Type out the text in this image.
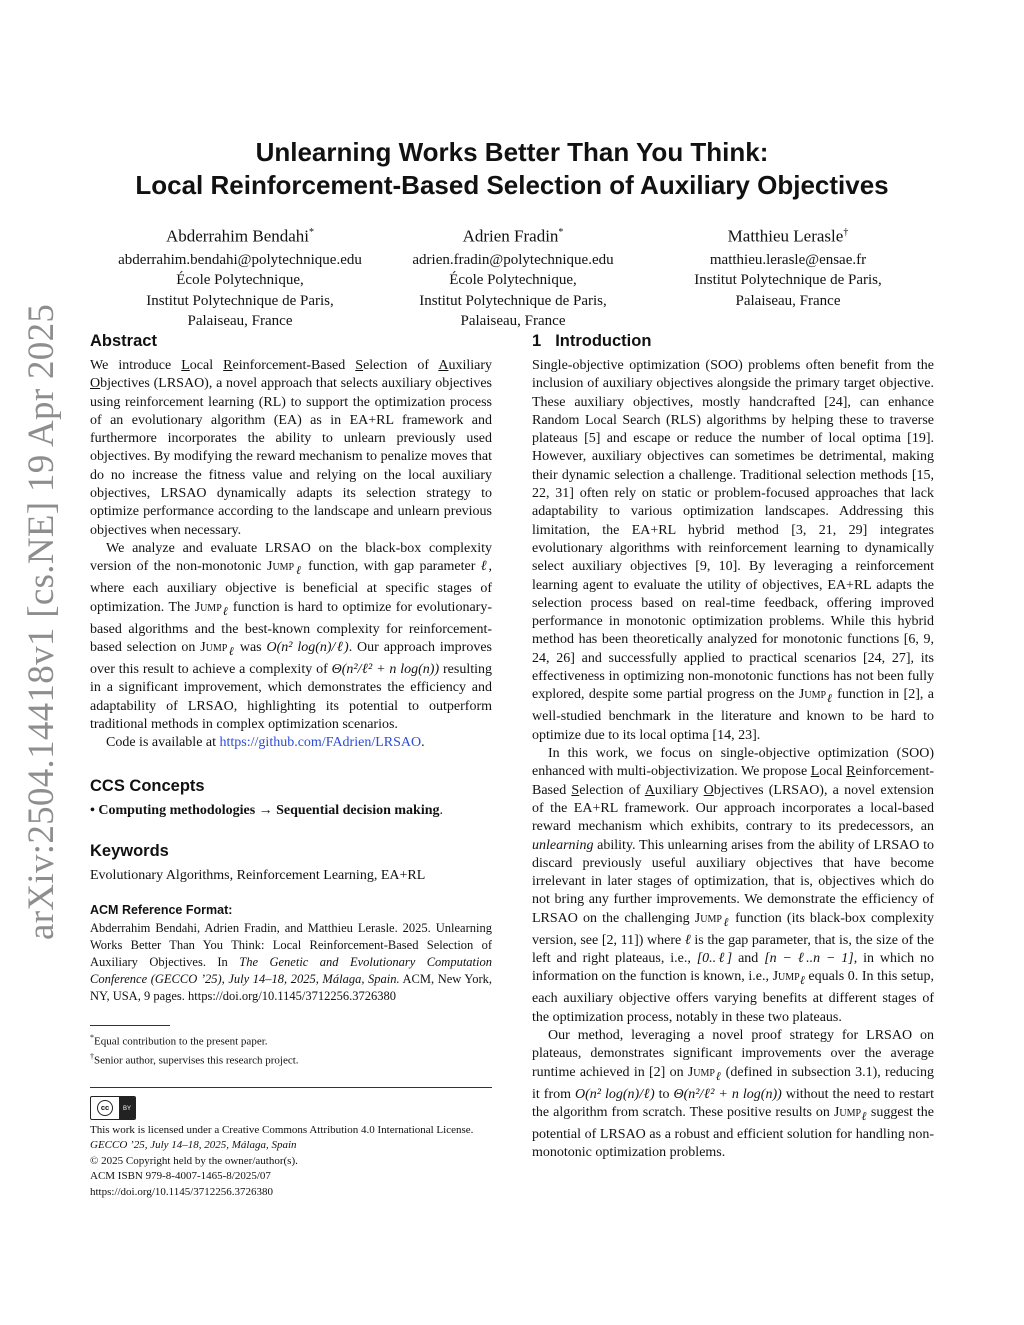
arXiv:2504.14418v1 [cs.NE] 19 Apr 2025
Unlearning Works Better Than You Think:
Local Reinforcement-Based Selection of Auxiliary Objectives
Abderrahim Bendahi*
abderrahim.bendahi@polytechnique.edu
École Polytechnique,
Institut Polytechnique de Paris,
Palaiseau, France
Adrien Fradin*
adrien.fradin@polytechnique.edu
École Polytechnique,
Institut Polytechnique de Paris,
Palaiseau, France
Matthieu Lerasle†
matthieu.lerasle@ensae.fr
Institut Polytechnique de Paris,
Palaiseau, France
Abstract

We introduce Local Reinforcement-Based Selection of Auxiliary Objectives (LRSAO), a novel approach that selects auxiliary objectives using reinforcement learning (RL) to support the optimization process of an evolutionary algorithm (EA) as in EA+RL framework and furthermore incorporates the ability to unlearn previously used objectives. By modifying the reward mechanism to penalize moves that do no increase the fitness value and relying on the local auxiliary objectives, LRSAO dynamically adapts its selection strategy to optimize performance according to the landscape and unlearn previous objectives when necessary.

We analyze and evaluate LRSAO on the black-box complexity version of the non-monotonic Jump$_\ell$ function, with gap parameter ℓ, where each auxiliary objective is beneficial at specific stages of optimization. The Jump$_\ell$ function is hard to optimize for evolutionary-based algorithms and the best-known complexity for reinforcement-based selection on Jump$_\ell$ was O(n² log(n)/ℓ). Our approach improves over this result to achieve a complexity of Θ(n²/ℓ² + n log(n)) resulting in a significant improvement, which demonstrates the efficiency and adaptability of LRSAO, highlighting its potential to outperform traditional methods in complex optimization scenarios.

Code is available at https://github.com/FAdrien/LRSAO.

CCS Concepts

• Computing methodologies → Sequential decision making.

Keywords

Evolutionary Algorithms, Reinforcement Learning, EA+RL

ACM Reference Format:

Abderrahim Bendahi, Adrien Fradin, and Matthieu Lerasle. 2025. Unlearning Works Better Than You Think: Local Reinforcement-Based Selection of Auxiliary Objectives. In The Genetic and Evolutionary Computation Conference (GECCO ’25), July 14–18, 2025, Málaga, Spain. ACM, New York, NY, USA, 9 pages. https://doi.org/10.1145/3712256.3726380

*Equal contribution to the present paper.

†Senior author, supervises this research project.

cc	BY

This work is licensed under a Creative Commons Attribution 4.0 International License.

GECCO ’25, July 14–18, 2025, Málaga, Spain

© 2025 Copyright held by the owner/author(s).

ACM ISBN 979-8-4007-1465-8/2025/07

https://doi.org/10.1145/3712256.3726380

1 Introduction

Single-objective optimization (SOO) problems often benefit from the inclusion of auxiliary objectives alongside the primary target objective. These auxiliary objectives, mostly handcrafted [24], can enhance Random Local Search (RLS) algorithms by helping these to traverse plateaus [5] and escape or reduce the number of local optima [19]. However, auxiliary objectives can sometimes be detrimental, making their dynamic selection a challenge. Traditional selection methods [15, 22, 31] often rely on static or problem-focused approaches that lack adaptability to various optimization landscapes. Addressing this limitation, the EA+RL hybrid method [3, 21, 29] integrates evolutionary algorithms with reinforcement learning to dynamically select auxiliary objectives [9, 10]. By leveraging a reinforcement learning agent to evaluate the utility of objectives, EA+RL adapts the selection process based on real-time feedback, offering improved performance in monotonic optimization problems. While this hybrid method has been theoretically analyzed for monotonic functions [6, 9, 24, 26] and successfully applied to practical scenarios [24, 27], its effectiveness in optimizing non-monotonic functions has not been fully explored, despite some partial progress on the Jump$_\ell$ function in [2], a well-studied benchmark in the literature and known to be hard to optimize due to its local optima [14, 23].

In this work, we focus on single-objective optimization (SOO) enhanced with multi-objectivization. We propose Local Reinforcement-Based Selection of Auxiliary Objectives (LRSAO), a novel extension of the EA+RL framework. Our approach incorporates a local-based reward mechanism which exhibits, contrary to its predecessors, an unlearning ability. This unlearning arises from the ability of LRSAO to discard previously useful auxiliary objectives that have become irrelevant in later stages of optimization, that is, objectives which do not bring any further improvements. We demonstrate the efficiency of LRSAO on the challenging Jump$_\ell$ function (its black-box complexity version, see [2, 11]) where ℓ is the gap parameter, that is, the size of the left and right plateaus, i.e., [0..ℓ] and [n − ℓ..n − 1], in which no information on the function is known, i.e., Jump$_\ell$ equals 0. In this setup, each auxiliary objective offers varying benefits at different stages of the optimization process, notably in these two plateaus.

Our method, leveraging a novel proof strategy for LRSAO on plateaus, demonstrates significant improvements over the average runtime achieved in [2] on Jump$_\ell$ (defined in subsection 3.1), reducing it from O(n² log(n)/ℓ) to Θ(n²/ℓ² + n log(n)) without the need to restart the algorithm from scratch. These positive results on Jump$_\ell$ suggest the potential of LRSAO as a robust and efficient solution for handling non-monotonic optimization problems.
